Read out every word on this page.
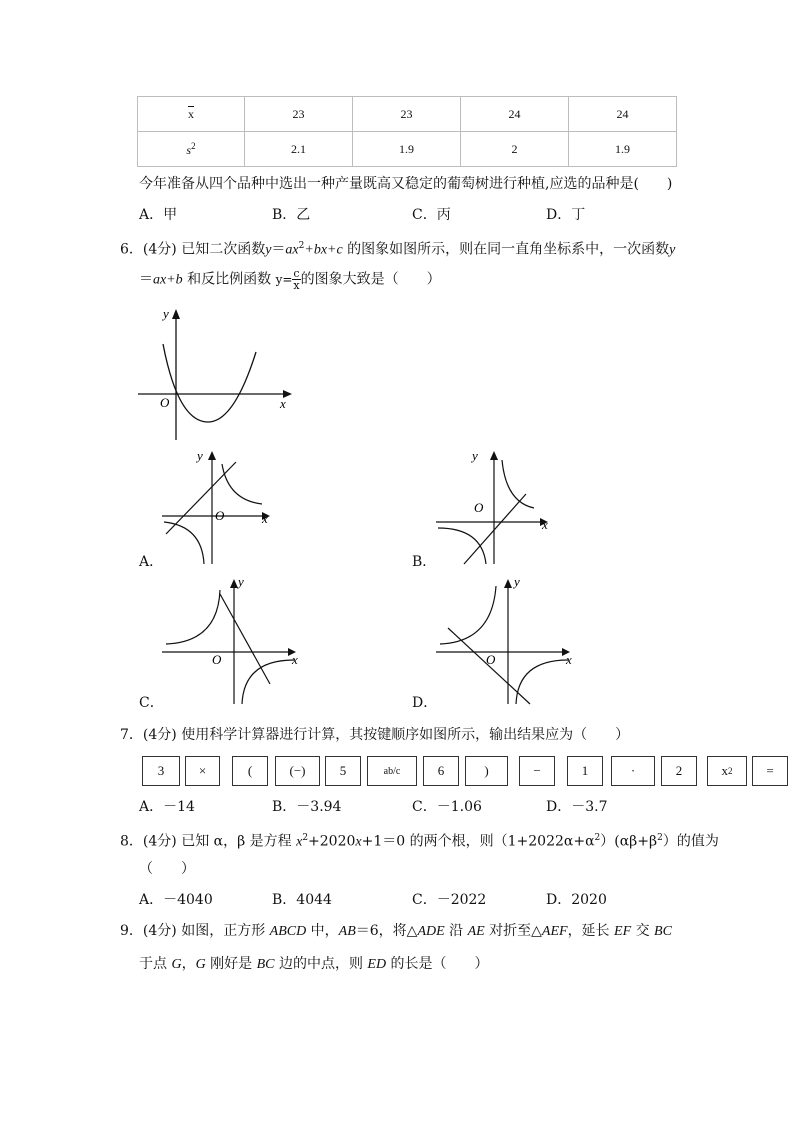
$\overline{x}$	23	23	24	24
$s^2$	2.1	1.9	2	1.9
今年准备从四个品种中选出一种产量既高又稳定的葡萄树进行种植,应选的品种是(　　)
A．甲	B．乙	C．丙	D．丁
6．(4分) 已知二次函数$y=ax^2+bx+c$ 的图象如图所示，则在同一直角坐标系中，一次函数y
＝ax+b 和反比例函数 $y= \frac{c}{x}$ 的图象大致是（　　）
y
x
O
y
x
O
A．
y
x
O
B．
y
x
O
C．
y
x
O
D．
7．(4分) 使用科学计算器进行计算，其按键顺序如图所示，输出结果应为（　　）
3	×	(	(−)	5	ab/c	6	)	−	1	·	2	x 2	=
A．－14	B．－3.94	C．－1.06	D．－3.7
8．(4分) 已知 α，β 是方程 $x^2+2020x+1=0$ 的两个根，则$(1+2022\alpha+\alpha^2)(\alpha\beta+\beta^2)$的值为
（　　）
A．－4040	B．4044	C．－2022	D．2020
9．(4分) 如图，正方形 ABCD 中，AB＝6，将△ADE 沿 AE 对折至△AEF，延长 EF 交 BC
于点 G，G 刚好是 BC 边的中点，则 ED 的长是（　　）
